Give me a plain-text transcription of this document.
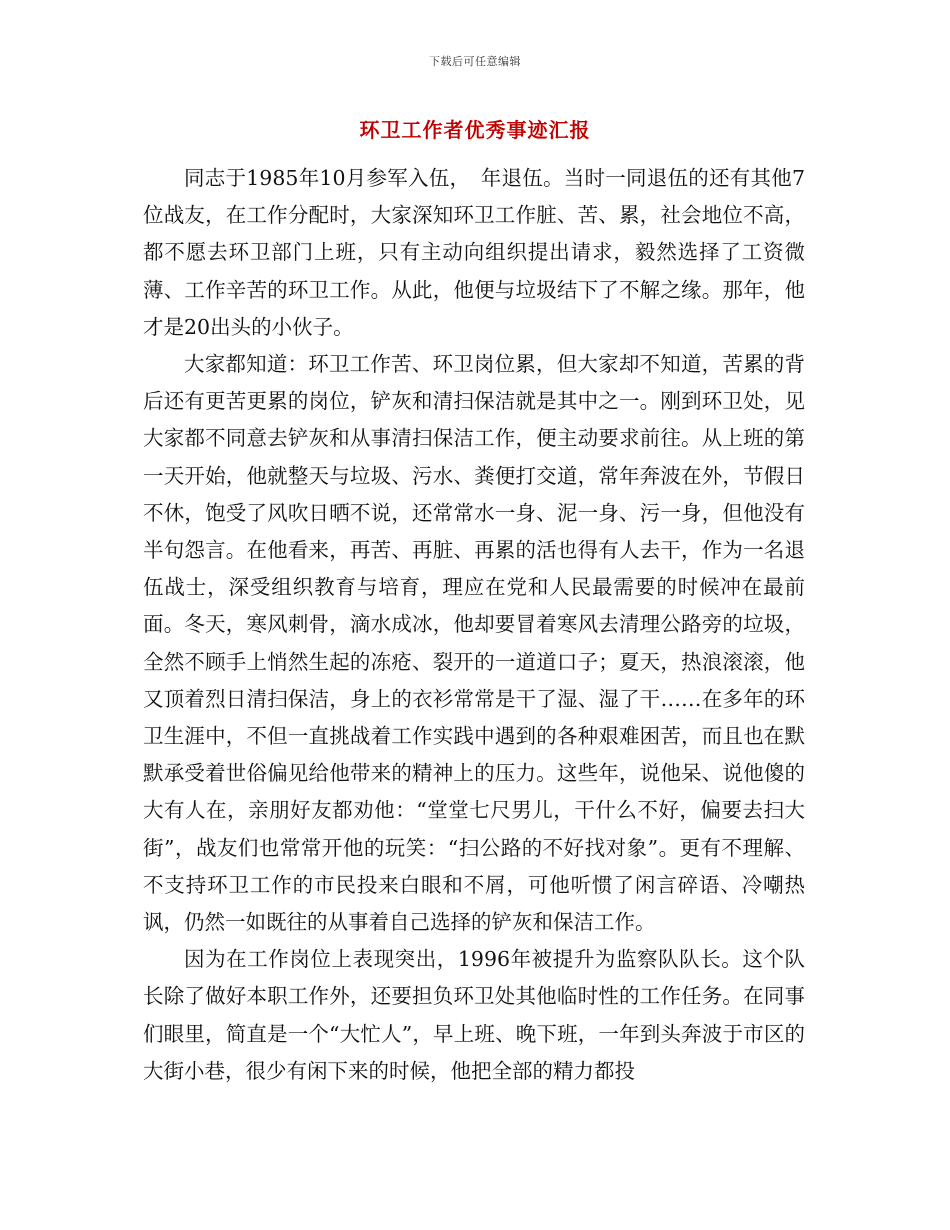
下载后可任意编辑
环卫工作者优秀事迹汇报

同志于1985年10月参军入伍，　年退伍。当时一同退伍的还有其他7位战友，在工作分配时，大家深知环卫工作脏、苦、累，社会地位不高，都不愿去环卫部门上班，只有主动向组织提出请求，毅然选择了工资微薄、工作辛苦的环卫工作。从此，他便与垃圾结下了不解之缘。那年，他才是20出头的小伙子。

大家都知道：环卫工作苦、环卫岗位累，但大家却不知道，苦累的背后还有更苦更累的岗位，铲灰和清扫保洁就是其中之一。刚到环卫处，见大家都不同意去铲灰和从事清扫保洁工作，便主动要求前往。从上班的第一天开始，他就整天与垃圾、污水、粪便打交道，常年奔波在外，节假日不休，饱受了风吹日晒不说，还常常水一身、泥一身、污一身，但他没有半句怨言。在他看来，再苦、再脏、再累的活也得有人去干，作为一名退伍战士，深受组织教育与培育，理应在党和人民最需要的时候冲在最前面。冬天，寒风刺骨，滴水成冰，他却要冒着寒风去清理公路旁的垃圾，全然不顾手上悄然生起的冻疮、裂开的一道道口子；夏天，热浪滚滚，他又顶着烈日清扫保洁，身上的衣衫常常是干了湿、湿了干……在多年的环卫生涯中，不但一直挑战着工作实践中遇到的各种艰难困苦，而且也在默默承受着世俗偏见给他带来的精神上的压力。这些年，说他呆、说他傻的大有人在，亲朋好友都劝他：“堂堂七尺男儿，干什么不好，偏要去扫大街”，战友们也常常开他的玩笑：“扫公路的不好找对象”。更有不理解、不支持环卫工作的市民投来白眼和不屑，可他听惯了闲言碎语、冷嘲热讽，仍然一如既往的从事着自己选择的铲灰和保洁工作。

因为在工作岗位上表现突出，1996年被提升为监察队队长。这个队长除了做好本职工作外，还要担负环卫处其他临时性的工作任务。在同事们眼里，简直是一个“大忙人”，早上班、晚下班，一年到头奔波于市区的大街小巷，很少有闲下来的时候，他把全部的精力都投
